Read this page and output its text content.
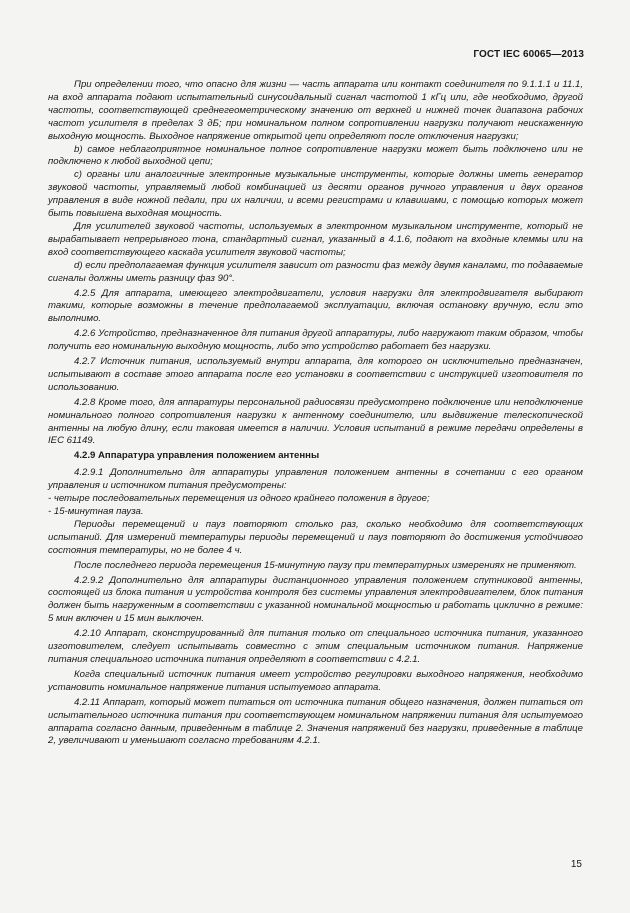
ГОСТ IEC 60065—2013

При определении того, что опасно для жизни — часть аппарата или контакт соединителя по 9.1.1.1 и 11.1, на вход аппарата подают испытательный синусоидальный сигнал частотой 1 кГц или, где необходимо, другой частоты, соответствующей среднегеометрическому значению от верхней и нижней точек диапазона рабочих частот усилителя в пределах 3 дБ; при номинальном полном сопротивлении нагрузки получают неискаженную выходную мощность. Выходное напряжение открытой цепи определяют после отключения нагрузки;

b) самое неблагоприятное номинальное полное сопротивление нагрузки может быть подключено или не подключено к любой выходной цепи;

c) органы или аналогичные электронные музыкальные инструменты, которые должны иметь генератор звуковой частоты, управляемый любой комбинацией из десяти органов ручного управления и двух органов управления в виде ножной педали, при их наличии, и всеми регистрами и клавишами, с помощью которых может быть повышена выходная мощность.

Для усилителей звуковой частоты, используемых в электронном музыкальном инструменте, который не вырабатывает непрерывного тона, стандартный сигнал, указанный в 4.1.6, подают на входные клеммы или на вход соответствующего каскада усилителя звуковой частоты;

d) если предполагаемая функция усилителя зависит от разности фаз между двумя каналами, то подаваемые сигналы должны иметь разницу фаз 90°.

4.2.5 Для аппарата, имеющего электродвигатели, условия нагрузки для электродвигателя выбирают такими, которые возможны в течение предполагаемой эксплуатации, включая остановку вручную, если это выполнимо.

4.2.6 Устройство, предназначенное для питания другой аппаратуры, либо нагружают таким образом, чтобы получить его номинальную выходную мощность, либо это устройство работает без нагрузки.

4.2.7 Источник питания, используемый внутри аппарата, для которого он исключительно предназначен, испытывают в составе этого аппарата после его установки в соответствии с инструкцией изготовителя по использованию.

4.2.8 Кроме того, для аппаратуры персональной радиосвязи предусмотрено подключение или неподключение номинального полного сопротивления нагрузки к антенному соединителю, или выдвижение телескопической антенны на любую длину, если таковая имеется в наличии. Условия испытаний в режиме передачи определены в IEC 61149.

4.2.9 Аппаратура управления положением антенны

4.2.9.1 Дополнительно для аппаратуры управления положением антенны в сочетании с его органом управления и источником питания предусмотрены:

- четыре последовательных перемещения из одного крайнего положения в другое;

- 15-минутная пауза.

Периоды перемещений и пауз повторяют столько раз, сколько необходимо для соответствующих испытаний. Для измерений температуры периоды перемещений и пауз повторяют до достижения устойчивого состояния температуры, но не более 4 ч.

После последнего периода перемещения 15-минутную паузу при температурных измерениях не применяют.

4.2.9.2 Дополнительно для аппаратуры дистанционного управления положением спутниковой антенны, состоящей из блока питания и устройства контроля без системы управления электродвигателем, блок питания должен быть нагруженным в соответствии с указанной номинальной мощностью и работать циклично в режиме: 5 мин включен и 15 мин выключен.

4.2.10 Аппарат, сконструированный для питания только от специального источника питания, указанного изготовителем, следует испытывать совместно с этим специальным источником питания. Напряжение питания специального источника питания определяют в соответствии с 4.2.1.

Когда специальный источник питания имеет устройство регулировки выходного напряжения, необходимо установить номинальное напряжение питания испытуемого аппарата.

4.2.11 Аппарат, который может питаться от источника питания общего назначения, должен питаться от испытательного источника питания при соответствующем номинальном напряжении питания для испытуемого аппарата согласно данным, приведенным в таблице 2. Значения напряжений без нагрузки, приведенные в таблице 2, увеличивают и уменьшают согласно требованиям 4.2.1.

15
